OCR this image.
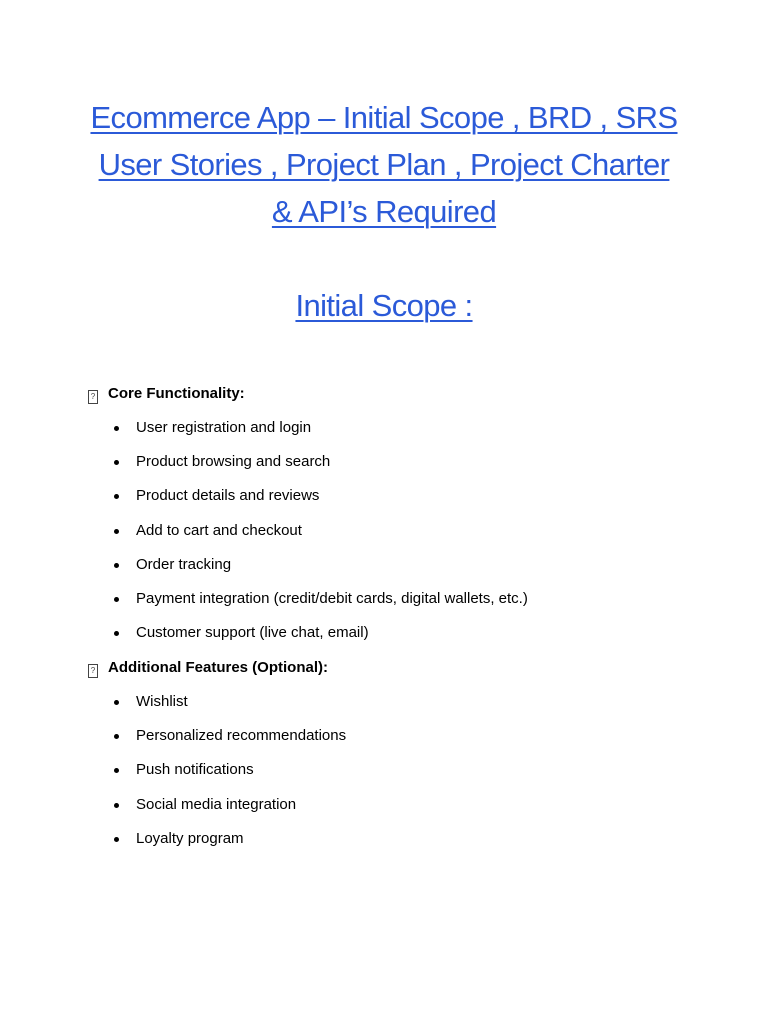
Ecommerce App – Initial Scope , BRD , SRS
User Stories , Project Plan , Project Charter
& API’s Required
Initial Scope :
? Core Functionality:
User registration and login
Product browsing and search
Product details and reviews
Add to cart and checkout
Order tracking
Payment integration (credit/debit cards, digital wallets, etc.)
Customer support (live chat, email)
? Additional Features (Optional):
Wishlist
Personalized recommendations
Push notifications
Social media integration
Loyalty program
